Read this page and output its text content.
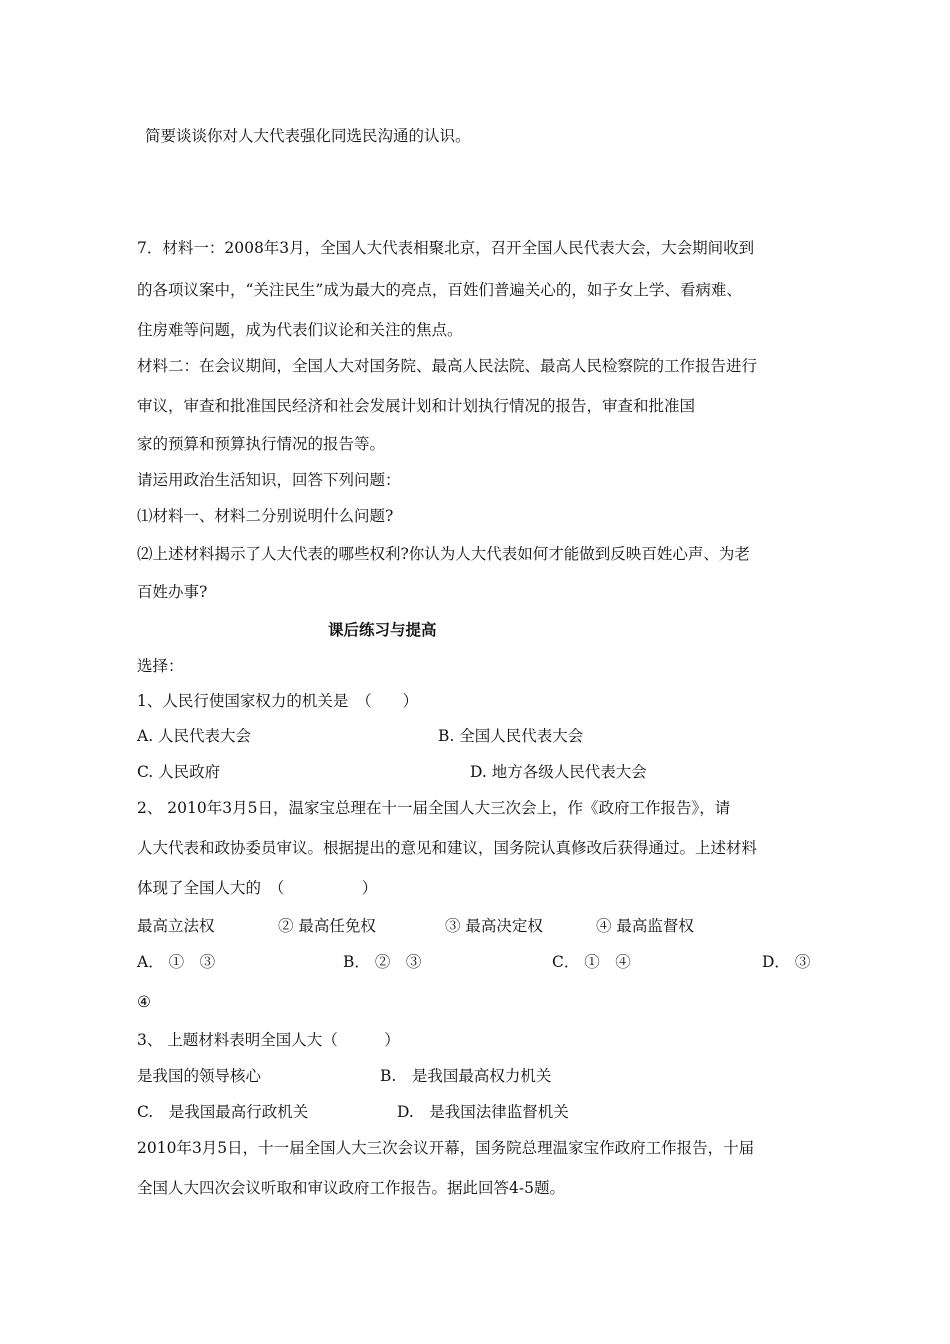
简要谈谈你对人大代表强化同选民沟通的认识。
7．材料一：2008年3月，全国人大代表相聚北京，召开全国人民代表大会，大会期间收到
的各项议案中，“关注民生”成为最大的亮点，百姓们普遍关心的，如子女上学、看病难、
住房难等问题，成为代表们议论和关注的焦点。
材料二：在会议期间，全国人大对国务院、最高人民法院、最高人民检察院的工作报告进行
审议，审查和批准国民经济和社会发展计划和计划执行情况的报告，审查和批准国
家的预算和预算执行情况的报告等。
请运用政治生活知识，回答下列问题：
⑴材料一、材料二分别说明什么问题?
⑵上述材料揭示了人大代表的哪些权利?你认为人大代表如何才能做到反映百姓心声、为老
百姓办事?
课后练习与提高
选择：
1、人民行使国家权力的机关是　（　　）
A. 人民代表大会	B. 全国人民代表大会
C. 人民政府	D. 地方各级人民代表大会
2、 2010年3月5日，温家宝总理在十一届全国人大三次会上，作《政府工作报告》，请
人大代表和政协委员审议。根据提出的意见和建议，国务院认真修改后获得通过。上述材料
体现了全国人大的　（　　　　　）
最高立法权	② 最高任免权	③ 最高决定权	④ 最高监督权
A． ①　③	B． ②　③	C． ①　④	D． ③
④
3、 上题材料表明全国人大（　　　）
是我国的领导核心	B.　是我国最高权力机关
C.　是我国最高行政机关	D.　是我国法律监督机关
2010年3月5日，十一届全国人大三次会议开幕，国务院总理温家宝作政府工作报告，十届
全国人大四次会议听取和审议政府工作报告。据此回答4-5题。
